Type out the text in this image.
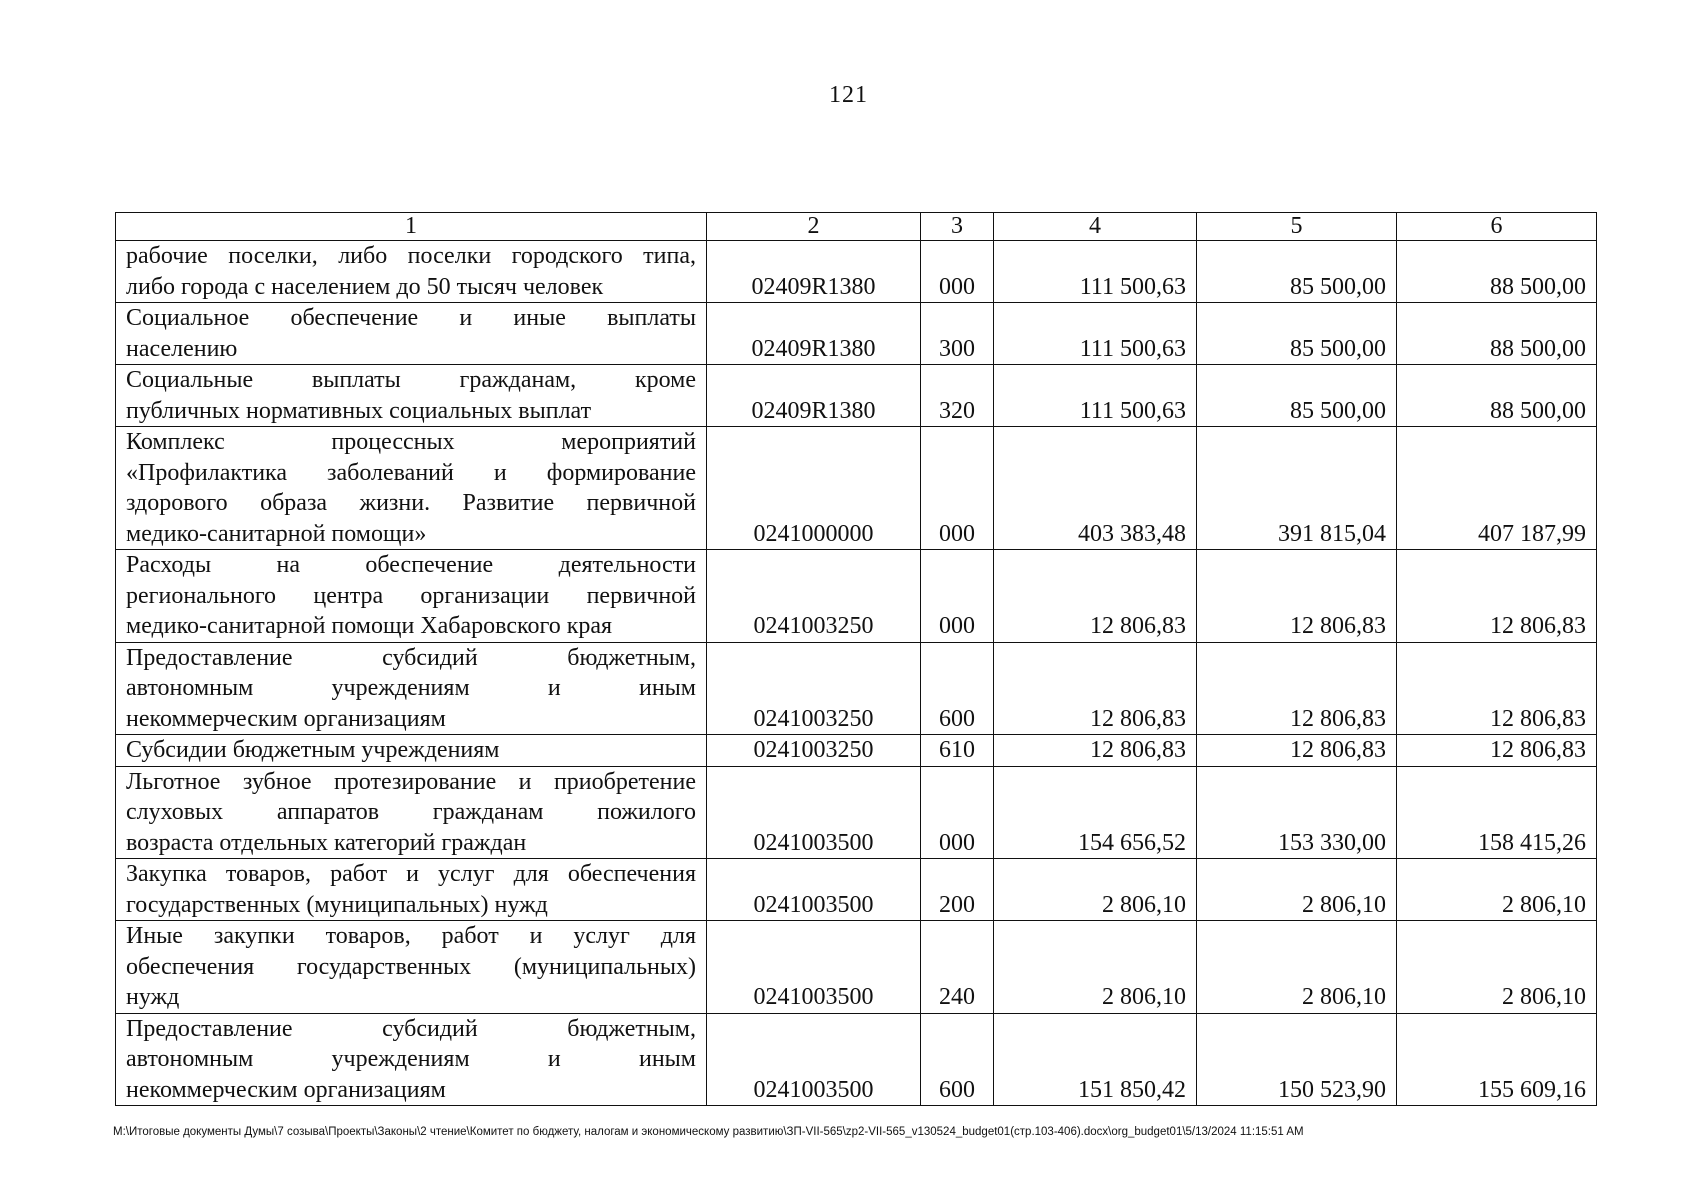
121
1	2	3	4	5	6

рабочие поселки, либо поселки городского типа,
либо города с населением до 50 тысяч человек	02409R1380	000	111 500,63	85 500,00	88 500,00

Социальное обеспечение и иные выплаты
населению	02409R1380	300	111 500,63	85 500,00	88 500,00

Социальные выплаты гражданам, кроме
публичных нормативных социальных выплат	02409R1380	320	111 500,63	85 500,00	88 500,00

Комплекс процессных мероприятий
«Профилактика заболеваний и формирование
здорового образа жизни. Развитие первичной
медико-санитарной помощи»	0241000000	000	403 383,48	391 815,04	407 187,99

Расходы на обеспечение деятельности
регионального центра организации первичной
медико-санитарной помощи Хабаровского края	0241003250	000	12 806,83	12 806,83	12 806,83

Предоставление субсидий бюджетным,
автономным учреждениям и иным
некоммерческим организациям	0241003250	600	12 806,83	12 806,83	12 806,83

Субсидии бюджетным учреждениям	0241003250	610	12 806,83	12 806,83	12 806,83

Льготное зубное протезирование и приобретение
слуховых аппаратов гражданам пожилого
возраста отдельных категорий граждан	0241003500	000	154 656,52	153 330,00	158 415,26

Закупка товаров, работ и услуг для обеспечения
государственных (муниципальных) нужд	0241003500	200	2 806,10	2 806,10	2 806,10

Иные закупки товаров, работ и услуг для
обеспечения государственных (муниципальных)
нужд	0241003500	240	2 806,10	2 806,10	2 806,10

Предоставление субсидий бюджетным,
автономным учреждениям и иным
некоммерческим организациям	0241003500	600	151 850,42	150 523,90	155 609,16
M:\Итоговые документы Думы\7 созыва\Проекты\Законы\2 чтение\Комитет по бюджету, налогам и экономическому развитию\ЗП-VII-565\zp2-VII-565_v130524_budget01(стр.103-406).docx\org_budget01\5/13/2024 11:15:51 AM
